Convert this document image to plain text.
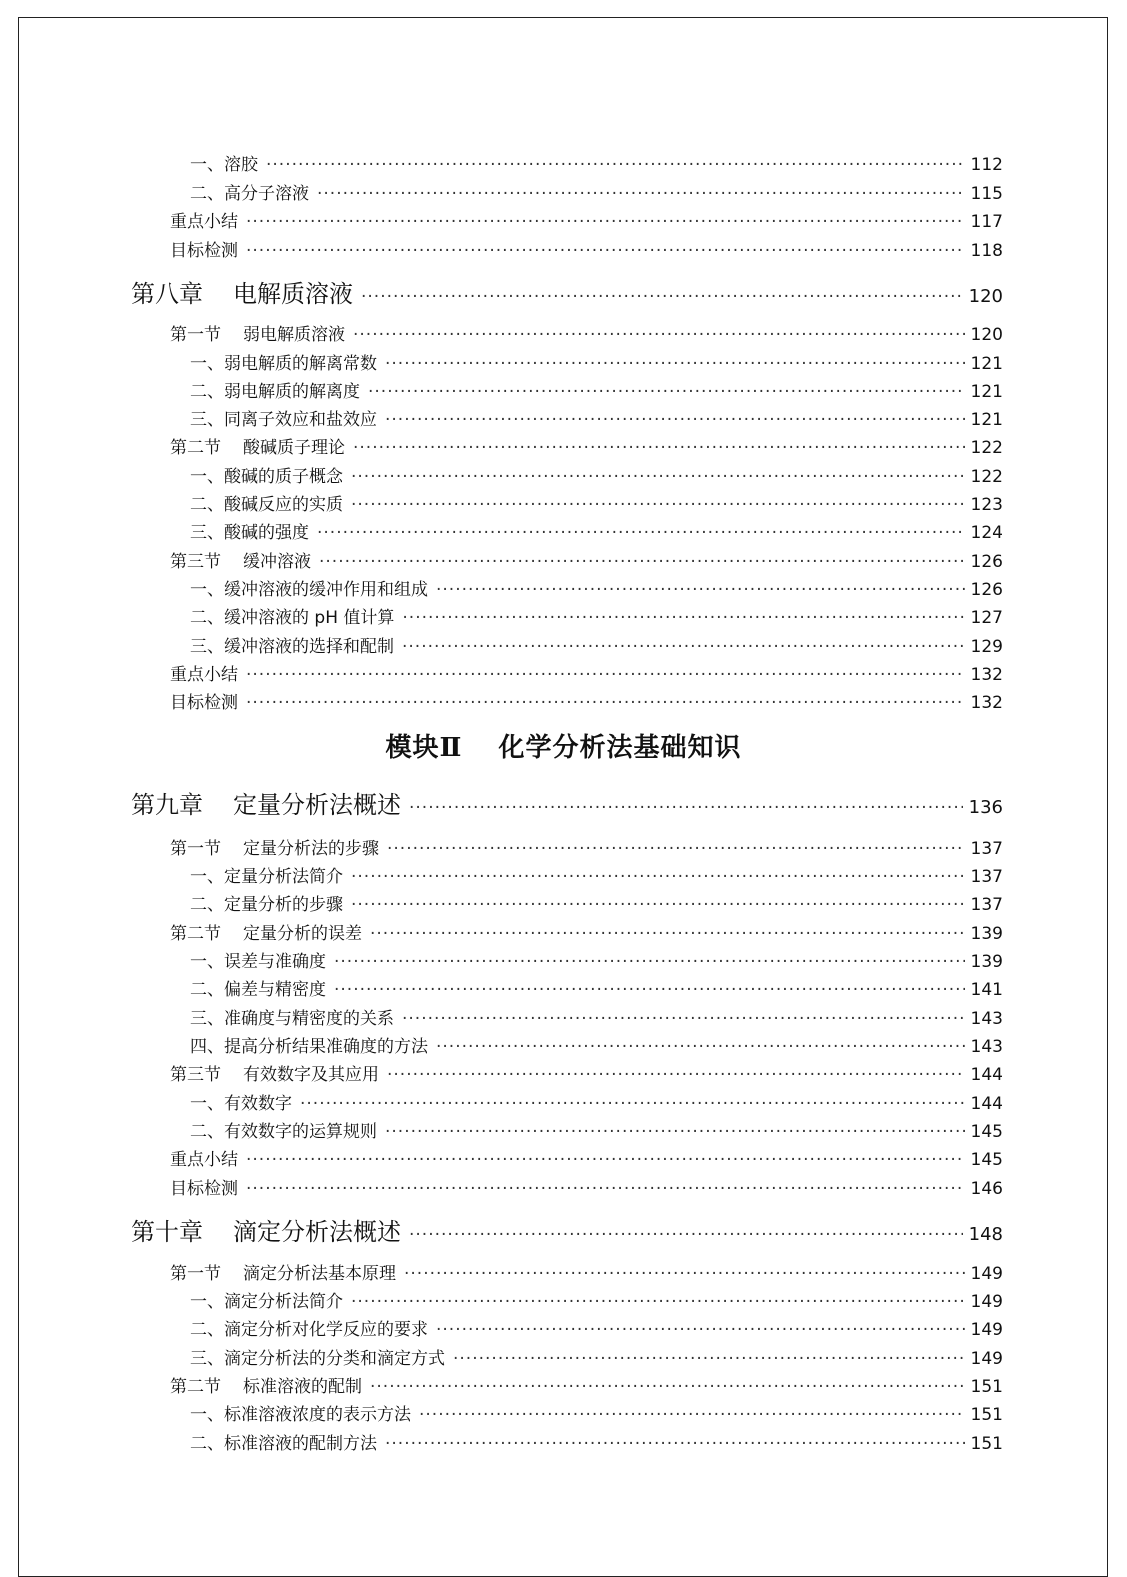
模块Ⅱ 化学分析法基础知识
一、溶胶 ·····	112
二、高分子溶液 ·····	115
重点小结 ·····	117
目标检测 ·····	118
第八章 电解质溶液 ·····	120
第一节 弱电解质溶液 ·····	120
一、弱电解质的解离常数 ·····	121
二、弱电解质的解离度 ·····	121
三、同离子效应和盐效应 ·····	121
第二节 酸碱质子理论 ·····	122
一、酸碱的质子概念 ·····	122
二、酸碱反应的实质 ·····	123
三、酸碱的强度 ·····	124
第三节 缓冲溶液 ·····	126
一、缓冲溶液的缓冲作用和组成 ·····	126
二、缓冲溶液的 pH 值计算 ·····	127
三、缓冲溶液的选择和配制 ·····	129
重点小结 ·····	132
目标检测 ·····	132
第九章 定量分析法概述 ·····	136
第一节 定量分析法的步骤 ·····	137
一、定量分析法简介 ·····	137
二、定量分析的步骤 ·····	137
第二节 定量分析的误差 ·····	139
一、误差与准确度 ·····	139
二、偏差与精密度 ·····	141
三、准确度与精密度的关系 ·····	143
四、提高分析结果准确度的方法 ·····	143
第三节 有效数字及其应用 ·····	144
一、有效数字 ·····	144
二、有效数字的运算规则 ·····	145
重点小结 ·····	145
目标检测 ·····	146
第十章 滴定分析法概述 ·····	148
第一节 滴定分析法基本原理 ·····	149
一、滴定分析法简介 ·····	149
二、滴定分析对化学反应的要求 ·····	149
三、滴定分析法的分类和滴定方式 ·····	149
第二节 标准溶液的配制 ·····	151
一、标准溶液浓度的表示方法 ·····	151
二、标准溶液的配制方法 ·····	151
